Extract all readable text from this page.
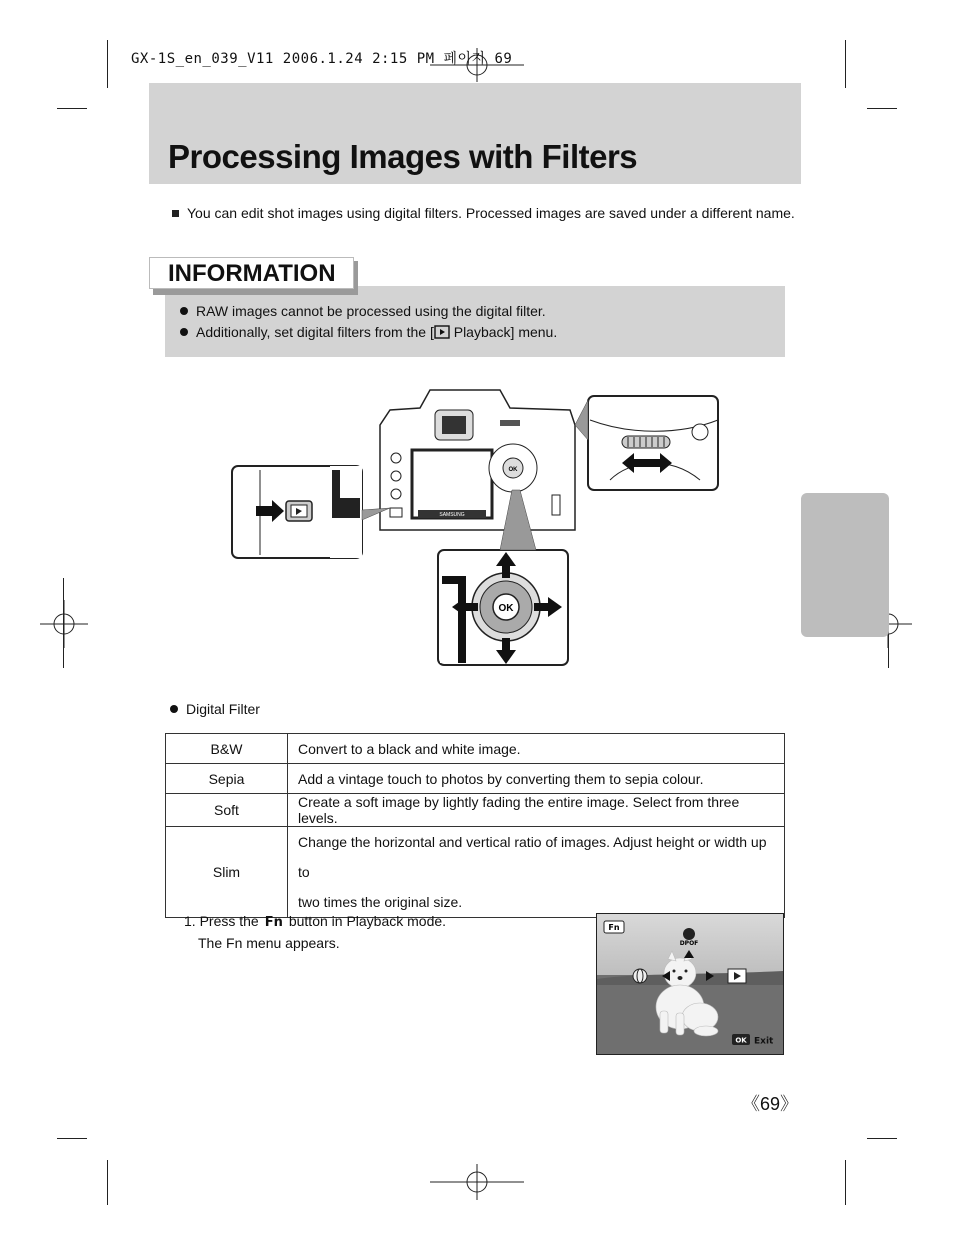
GX-1S_en_039_V11 2006.1.24 2:15 PM 페이지 69
Processing Images with Filters
You can edit shot images using digital filters. Processed images are saved under a different name.
INFORMATION
RAW images cannot be processed using the digital filter.
Additionally, set digital filters from the [ Playback] menu.
SAMSUNG
OK
OK
Digital Filter
B&W	Convert to a black and white image.
Sepia	Add a vintage touch to photos by converting them to sepia colour.
Soft	Create a soft image by lightly fading the entire image. Select from three levels.
Slim	Change the horizontal and vertical ratio of images. Adjust height or width up to
two times the original size.
1. Press the Fn button in Playback mode.
The Fn menu appears.
Fn
DPOF
OK Exit
《69》
